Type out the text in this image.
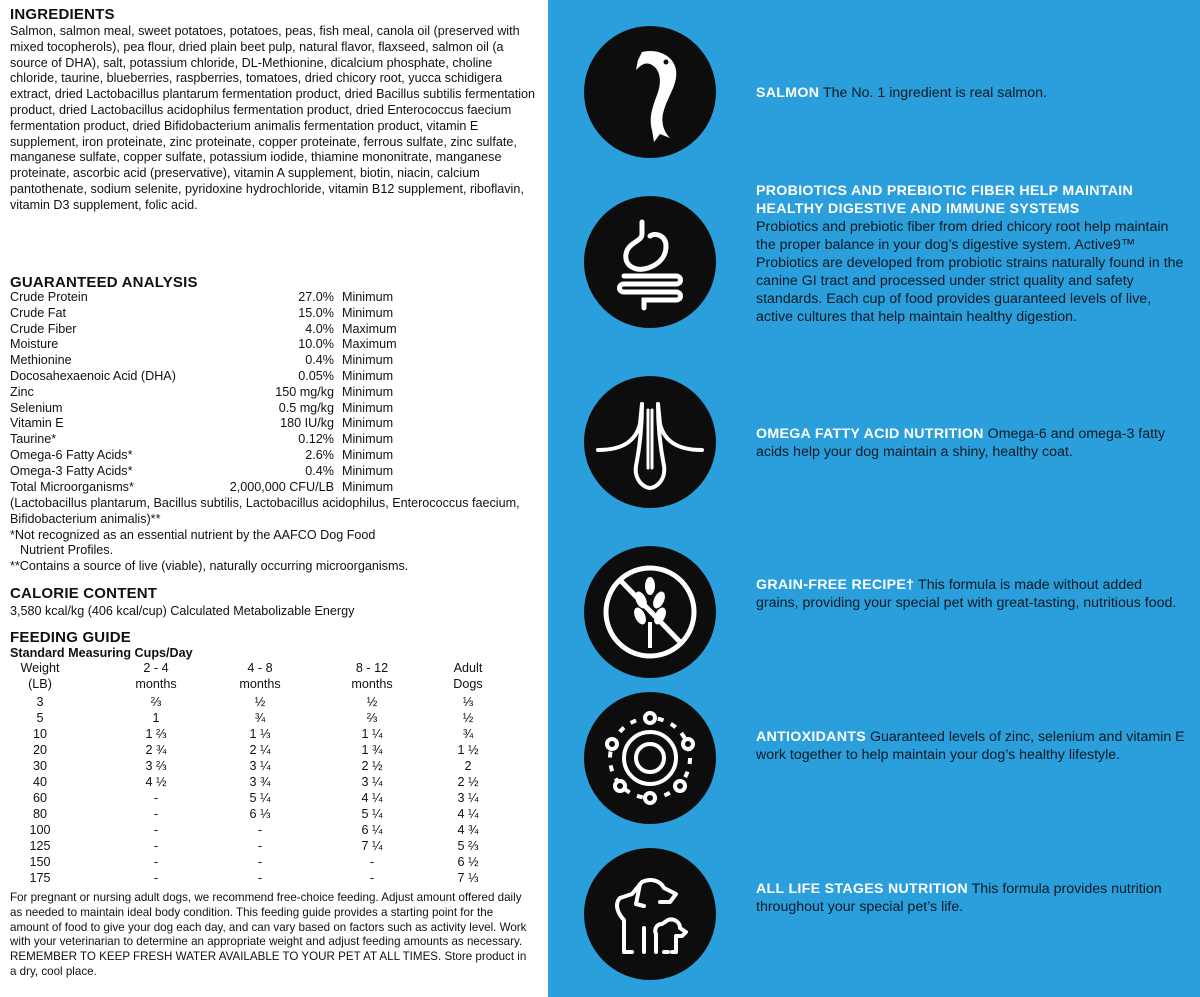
INGREDIENTS

Salmon, salmon meal, sweet potatoes, potatoes, peas, fish meal, canola oil (preserved with mixed tocopherols), pea flour, dried plain beet pulp, natural flavor, flaxseed, salmon oil (a source of DHA), salt, potassium chloride, DL-Methionine, dicalcium phosphate, choline chloride, taurine, blueberries, raspberries, tomatoes, dried chicory root, yucca schidigera extract, dried Lactobacillus plantarum fermentation product, dried Bacillus subtilis fermentation product, dried Lactobacillus acidophilus fermentation product, dried Enterococcus faecium fermentation product, dried Bifidobacterium animalis fermentation product, vitamin E supplement, iron proteinate, zinc proteinate, copper proteinate, ferrous sulfate, zinc sulfate, manganese sulfate, copper sulfate, potassium iodide, thiamine mononitrate, manganese proteinate, ascorbic acid (preservative), vitamin A supplement, biotin, niacin, calcium pantothenate, sodium selenite, pyridoxine hydrochloride, vitamin B12 supplement, riboflavin, vitamin D3 supplement, folic acid.

GUARANTEED ANALYSIS
Crude Protein	27.0% Minimum
Crude Fat	15.0% Minimum
Crude Fiber	4.0% Maximum
Moisture	10.0% Maximum
Methionine	0.4% Minimum
Docosahexaenoic Acid (DHA)	0.05% Minimum
Zinc	150 mg/kg Minimum
Selenium	0.5 mg/kg Minimum
Vitamin E	180 IU/kg Minimum
Taurine*	0.12% Minimum
Omega-6 Fatty Acids*	2.6% Minimum
Omega-3 Fatty Acids*	0.4% Minimum
Total Microorganisms*	2,000,000 CFU/LB Minimum

(Lactobacillus plantarum, Bacillus subtilis, Lactobacillus acidophilus, Enterococcus faecium, Bifidobacterium animalis)**

*Not recognized as an essential nutrient by the AAFCO Dog Food

Nutrient Profiles.

**Contains a source of live (viable), naturally occurring microorganisms.

CALORIE CONTENT

3,580 kcal/kg (406 kcal/cup) Calculated Metabolizable Energy

FEEDING GUIDE

Standard Measuring Cups/Day

Weight	2 - 4	4 - 8	8 - 12	Adult
(LB)	months	months	months	Dogs
3	⅔	½	½	⅓
5	1	¾	⅔	½
10	1 ⅔	1 ⅓	1 ¼	¾
20	2 ¾	2 ¼	1 ¾	1 ½
30	3 ⅔	3 ¼	2 ½	2
40	4 ½	3 ¾	3 ¼	2 ½
60	-	5 ¼	4 ¼	3 ¼
80	-	6 ⅓	5 ¼	4 ¼
100	-	-	6 ¼	4 ¾
125	-	-	7 ¼	5 ⅔
150	-	-	-	6 ½
175	-	-	-	7 ⅓

For pregnant or nursing adult dogs, we recommend free-choice feeding. Adjust amount offered daily as needed to maintain ideal body condition. This feeding guide provides a starting point for the amount of food to give your dog each day, and can vary based on factors such as activity level. Work with your veterinarian to determine an appropriate weight and adjust feeding amounts as necessary. REMEMBER TO KEEP FRESH WATER AVAILABLE TO YOUR PET AT ALL TIMES. Store product in a dry, cool place.

SALMON The No. 1 ingredient is real salmon.
PROBIOTICS AND PREBIOTIC FIBER HELP MAINTAIN HEALTHY DIGESTIVE AND IMMUNE SYSTEMS
Probiotics and prebiotic fiber from dried chicory root help maintain the proper balance in your dog’s digestive system. Active9™ Probiotics are developed from probiotic strains naturally found in the canine GI tract and processed under strict quality and safety standards. Each cup of food provides guaranteed levels of live, active cultures that help maintain healthy digestion.
OMEGA FATTY ACID NUTRITION Omega-6 and omega-3 fatty acids help your dog maintain a shiny, healthy coat.
GRAIN-FREE RECIPE† This formula is made without added grains, providing your special pet with great-tasting, nutritious food.
ANTIOXIDANTS Guaranteed levels of zinc, selenium and vitamin E work together to help maintain your dog’s healthy lifestyle.
ALL LIFE STAGES NUTRITION This formula provides nutrition throughout your special pet’s life.
